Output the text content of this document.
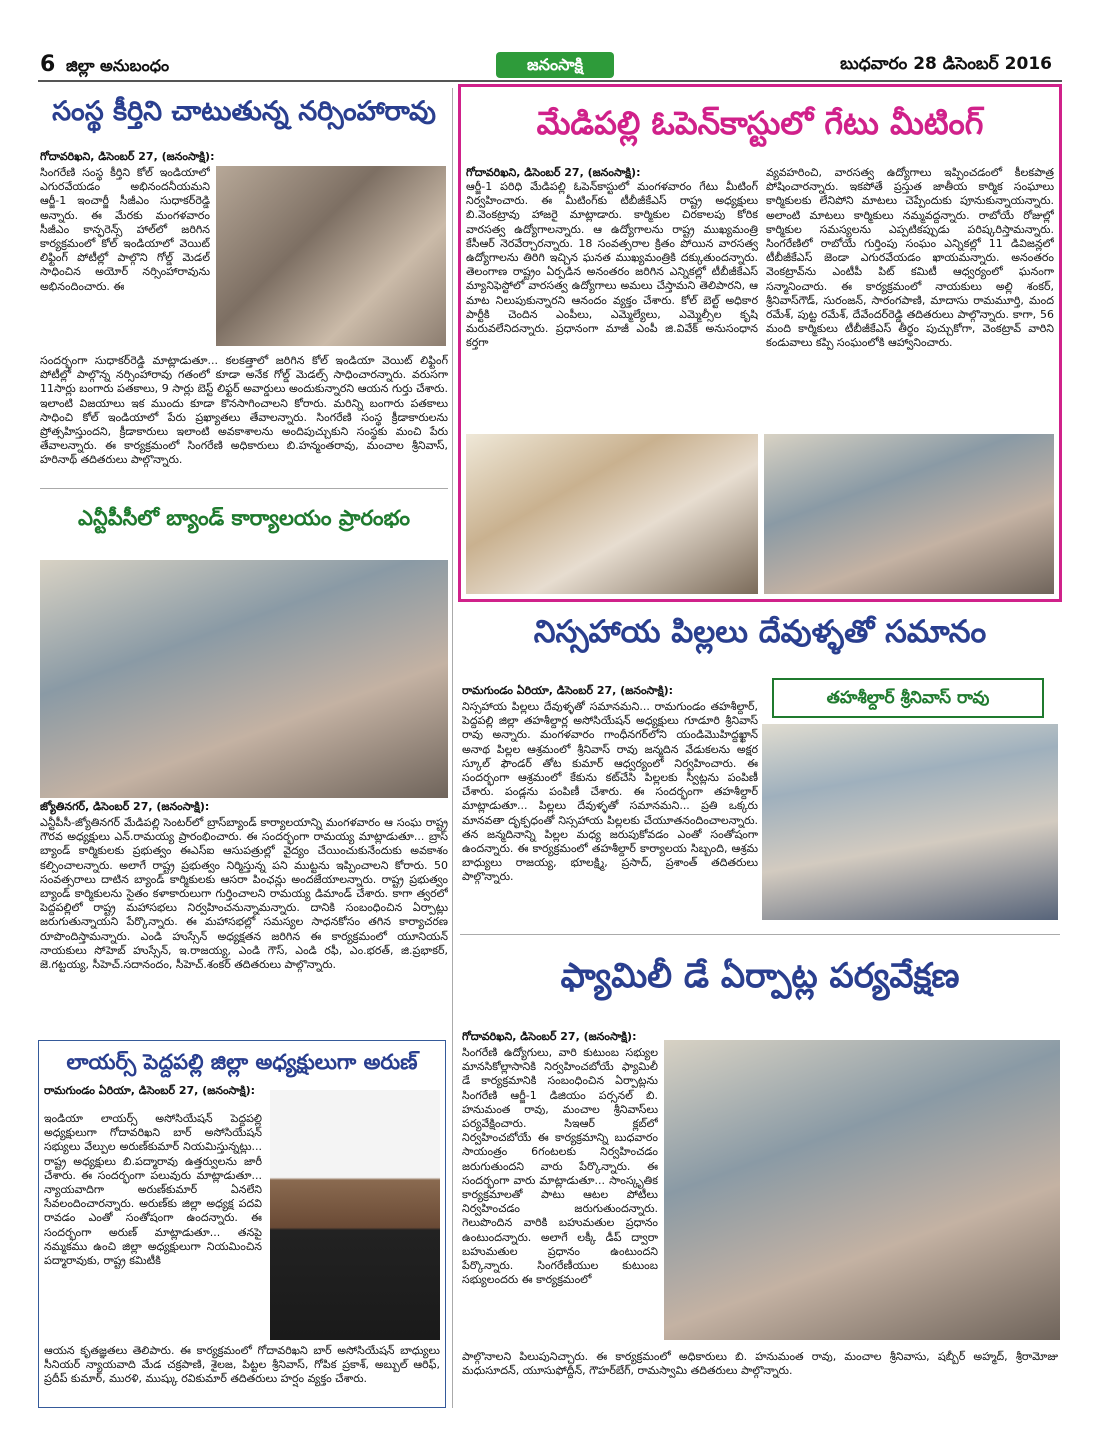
6 జిల్లా అనుబంధం	జనంసాక్షి	బుధవారం 28 డిసెంబర్ 2016
సంస్థ కీర్తిని చాటుతున్న నర్సింహారావు
గోదావరిఖని, డిసెంబర్ 27, (జనంసాక్షి):
సింగరేణి సంస్థ కీర్తిని కోల్ ఇండియాలో ఎగురవేయడం అభినందనీయమని ఆర్జీ-1 ఇంచార్జీ సీజీఎం సుధాకర్‌రెడ్డి అన్నారు. ఈ మేరకు మంగళవారం సీజీఎం కాన్ఫరెన్స్ హాల్‌లో జరిగిన కార్యక్రమంలో కోల్ ఇండియాలో వెయిట్ లిఫ్టింగ్ పోటీల్లో పాల్గొని గోల్డ్ మెడల్ సాధించిన అయోర్ నర్సింహారావును అభినందించారు. ఈ
సందర్భంగా సుధాకర్‌రెడ్డి మాట్లాడుతూ... కలకత్తాలో జరిగిన కోల్ ఇండియా వెయిట్ లిఫ్టింగ్ పోటీల్లో పాల్గొన్న నర్సింహారావు గతంలో కూడా అనేక గోల్డ్ మెడల్స్ సాధించారన్నారు. వరుసగా 11సార్లు బంగారు పతకాలు, 9 సార్లు బెస్ట్ లిఫ్టర్ అవార్డులు అందుకున్నారని ఆయన గుర్తు చేశారు. ఇలాంటి విజయాలు ఇక ముందు కూడా కొనసాగించాలని కోరారు. మరిన్ని బంగారు పతకాలు సాధించి కోల్ ఇండియాలో పేరు ప్రఖ్యాతలు తేవాలన్నారు. సింగరేణి సంస్థ క్రీడాకారులను ప్రోత్సహిస్తుందని, క్రీడాకారులు ఇలాంటి అవకాశాలను అందిపుచ్చుకుని సంస్థకు మంచి పేరు తేవాలన్నారు. ఈ కార్యక్రమంలో సింగరేణి అధికారులు బి.హన్మంతరావు, మంచాల శ్రీనివాస్, హరినాథ్ తదితరులు పాల్గొన్నారు.
ఎన్టీపీసీలో బ్యాండ్ కార్యాలయం ప్రారంభం
జ్యోతినగర్, డిసెంబర్ 27, (జనంసాక్షి):
ఎన్టీపీసీ-జ్యోతినగర్ మేడిపల్లి సెంటర్‌లో బ్రాస్‌బ్యాండ్ కార్యాలయాన్ని మంగళవారం ఆ సంఘ రాష్ట్ర గౌరవ అధ్యక్షులు ఎన్.రామయ్య ప్రారంభించారు. ఈ సందర్భంగా రామయ్య మాట్లాడుతూ... బ్రాస్ బ్యాండ్ కార్మికులకు ప్రభుత్వం ఈఎస్ఐ ఆసుపత్రుల్లో వైద్యం చేయించుకునేందుకు అవకాశం కల్పించాలన్నారు. అలాగే రాష్ట్ర ప్రభుత్వం నిర్మిస్తున్న పని ముట్టను ఇప్పించాలని కోరారు. 50 సంవత్సరాలు దాటిన బ్యాండ్ కార్మికులకు ఆసరా పింఛన్లు అందజేయాలన్నారు. రాష్ట్ర ప్రభుత్వం బ్యాండ్ కార్మికులను సైతం కళాకారులుగా గుర్తించాలని రామయ్య డిమాండ్ చేశారు. కాగా త్వరలో పెద్దపల్లిలో రాష్ట్ర మహాసభలు నిర్వహించనున్నామన్నారు. దానికి సంబంధించిన ఏర్పాట్లు జరుగుతున్నాయని పేర్కొన్నారు. ఈ మహాసభల్లో సమస్యల సాధనకోసం తగిన కార్యాచరణ రూపొందిస్తామన్నారు. ఎండి హుస్సేన్ అధ్యక్షతన జరిగిన ఈ కార్యక్రమంలో యూనియన్ నాయకులు సోహెబ్ హుస్సేన్, ఇ.రాజయ్య, ఎండి గౌస్, ఎండి రఫీ, ఎం.భరత్, జి.ప్రభాకర్, జె.గట్టయ్య, సీహెచ్.సదానందం, సీహెచ్.శంకర్ తదితరులు పాల్గొన్నారు.
లాయర్స్ పెద్దపల్లి జిల్లా అధ్యక్షులుగా అరుణ్
రామగుండం ఏరియా, డిసెంబర్ 27, (జనంసాక్షి):
ఇండియా లాయర్స్ అసోసియేషన్ పెద్దపల్లి అధ్యక్షులుగా గోదావరిఖని బార్ అసోసియేషన్ సభ్యులు వేల్పుల అరుణ్‌కుమార్ నియమిస్తున్నట్లు... రాష్ట్ర అధ్యక్షులు బి.పద్మారావు ఉత్తర్వులను జారీ చేశారు. ఈ సందర్భంగా పలువురు మాట్లాడుతూ... న్యాయవాదిగా అరుణ్‌కుమార్ ఏనలేని సేవలందించారన్నారు. అరుణ్‌కు జిల్లా అధ్యక్ష పదవి రావడం ఎంతో సంతోషంగా ఉందన్నారు. ఈ సందర్భంగా అరుణ్ మాట్లాడుతూ... తనపై నమ్మకము ఉంచి జిల్లా అధ్యక్షులుగా నియమించిన పద్మారావుకు, రాష్ట్ర కమిటీకి
ఆయన కృతజ్ఞతలు తెలిపారు. ఈ కార్యక్రమంలో గోదావరిఖని బార్ అసోసియేషన్ బాధ్యులు సీనియర్ న్యాయవాది మేడ చక్రపాణి, శైలజ, పిట్టల శ్రీనివాస్, గోపిక ప్రకాశ్, అబ్బుల్ ఆరిఫ్, ప్రదీప్ కుమార్, మురళి, ముష్కు రవికుమార్ తదితరులు హర్షం వ్యక్తం చేశారు.
మేడిపల్లి ఓపెన్‌కాస్టులో గేటు మీటింగ్
గోదావరిఖని, డిసెంబర్ 27, (జనంసాక్షి):
ఆర్జీ-1 పరిధి మేడిపల్లి ఓపెన్‌కాస్టులో మంగళవారం గేటు మీటింగ్ నిర్వహించారు. ఈ మీటింగ్‌కు టీబీజీకేఎస్ రాష్ట్ర అధ్యక్షులు బి.వెంకట్రావు హాజరై మాట్లాడారు. కార్మికుల చిరకాలపు కోరిక వారసత్వ ఉద్యోగాలన్నారు. ఆ ఉద్యోగాలను రాష్ట్ర ముఖ్యమంత్రి కేసీఆర్ నెరవేర్చారన్నారు. 18 సంవత్సరాల క్రితం పోయిన వారసత్వ ఉద్యోగాలను తిరిగి ఇచ్చిన ఘనత ముఖ్యమంత్రికి దక్కుతుందన్నారు. తెలంగాణ రాష్ట్రం ఏర్పడిన అనంతరం జరిగిన ఎన్నికల్లో టీబీజీకేఎస్ మ్యానిఫెస్టోలో వారసత్వ ఉద్యోగాలు అమలు చేస్తామని తెలిపారని, ఆ మాట నిలుపుకున్నారని ఆనందం వ్యక్తం చేశారు. కోల్ బెల్ట్ అధికార పార్టీకి చెందిన ఎంపీలు, ఎమ్మెల్యేలు, ఎమ్మెల్సీల కృషి మరువలేనిదన్నారు. ప్రధానంగా మాజీ ఎంపీ జి.వివేక్ అనుసంధాన కర్తగా
వ్యవహరించి, వారసత్వ ఉద్యోగాలు ఇప్పించడంలో కీలకపాత్ర పోషించారన్నారు. ఇకపోతే ప్రస్తుత జాతీయ కార్మిక సంఘాలు కార్మికులకు లేనిపోని మాటలు చెప్పేందుకు పూనుకున్నాయన్నారు. అలాంటి మాటలు కార్మికులు నమ్మవద్దన్నారు. రాబోయే రోజుల్లో కార్మికుల సమస్యలను ఎప్పటికప్పుడు పరిష్కరిస్తామన్నారు. సింగరేణిలో రాబోయే గుర్తింపు సంఘం ఎన్నికల్లో 11 డివిజన్లలో టీబీజీకేఎస్ జెండా ఎగురవేయడం ఖాయమన్నారు. అనంతరం వెంకట్రావ్‌ను ఎంటీపీ పిట్ కమిటీ ఆధ్వర్యంలో ఘనంగా సన్మానించారు. ఈ కార్యక్రమంలో నాయకులు అల్లి శంకర్, శ్రీనివాస్‌గౌడ్, సురంజన్, సారంగపాణి, మాదాసు రామమూర్తి, మంద రమేశ్, పుట్ట రమేశ్, దేవేందర్‌రెడ్డి తదితరులు పాల్గొన్నారు. కాగా, 56 మంది కార్మికులు టీబీజీకేఎస్ తీర్థం పుచ్చుకోగా, వెంకట్రావ్ వారిని కండువాలు కప్పి సంఘంలోకి ఆహ్వానించారు.
నిస్సహాయ పిల్లలు దేవుళ్ళతో సమానం
రామగుండం ఏరియా, డిసెంబర్ 27, (జనంసాక్షి):	తహశీల్దార్ శ్రీనివాస్ రావు
నిస్సహాయ పిల్లలు దేవుళ్ళతో సమానమని... రామగుండం తహశీల్దార్, పెద్దపల్లి జిల్లా తహశీల్దార్ల అసోసియేషన్ అధ్యక్షులు గూడూరి శ్రీనివాస్ రావు అన్నారు. మంగళవారం గాంధీనగర్‌లోని యండిమొహిద్దఖ్ఖాన్ అనాథ పిల్లల ఆశ్రమంలో శ్రీనివాస్ రావు జన్మదిన వేడుకలను అక్షర స్కూల్ ఫౌండర్ తోట కుమార్ ఆధ్వర్యంలో నిర్వహించారు. ఈ సందర్భంగా ఆశ్రమంలో కేకును కట్‌చేసి పిల్లలకు స్వీట్లను పంపిణీ చేశారు. పండ్లను పంపిణీ చేశారు. ఈ సందర్భంగా తహశీల్దార్ మాట్లాడుతూ... పిల్లలు దేవుళ్ళతో సమానమని... ప్రతి ఒక్కరు మానవతా దృక్పధంతో నిస్సహాయ పిల్లలకు చేయూతనందించాలన్నారు. తన జన్మదినాన్ని పిల్లల మధ్య జరుపుకోవడం ఎంతో సంతోషంగా ఉందన్నారు. ఈ కార్యక్రమంలో తహశీల్దార్ కార్యాలయ సిబ్బంది, ఆశ్రమ బాధ్యులు రాజయ్య, భూలక్ష్మి, ప్రసాద్, ప్రశాంత్ తదితరులు పాల్గొన్నారు.
ఫ్యామిలీ డే ఏర్పాట్ల పర్యవేక్షణ
గోదావరిఖని, డిసెంబర్ 27, (జనంసాక్షి):
సింగరేణి ఉద్యోగులు, వారి కుటుంబ సభ్యుల మానసికోల్లాసానికి నిర్వహించబోయే ఫ్యామిలీ డే కార్యక్రమానికి సంబంధించిన ఏర్పాట్లను సింగరేణి ఆర్జీ-1 డిజియం పర్సనల్ బి. హనుమంత రావు, మంచాల శ్రీనివాస్‌లు పర్యవేక్షించారు. సిఇఆర్ క్లబ్‌లో నిర్వహించబోయే ఈ కార్యక్రమాన్ని బుధవారం సాయంత్రం 6గంటలకు నిర్వహించడం జరుగుతుందని వారు పేర్కొన్నారు. ఈ సందర్భంగా వారు మాట్లాడుతూ... సాంస్కృతిక కార్యక్రమాలతో పాటు ఆటల పోటీలు నిర్వహించడం జరుగుతుందన్నారు. గెలుపొందిన వారికి బహుమతుల ప్రధానం ఉంటుందన్నారు. అలాగే లక్కీ డీప్ ద్వారా బహుమతుల ప్రధానం ఉంటుందని పేర్కొన్నారు. సింగరేణీయుల కుటుంబ సభ్యులందరు ఈ కార్యక్రమంలో
పాల్గొనాలని పిలుపునిచ్చారు. ఈ కార్యక్రమంలో అధికారులు బి. హనుమంత రావు, మంచాల శ్రీనివాసు, షబ్బీర్ అహ్మద్, శ్రీరామోజు మధుసూదన్, యూసుఫోద్దీన్, గౌహర్‌బేగ్, రామస్వామి తదితరులు పాల్గొన్నారు.
